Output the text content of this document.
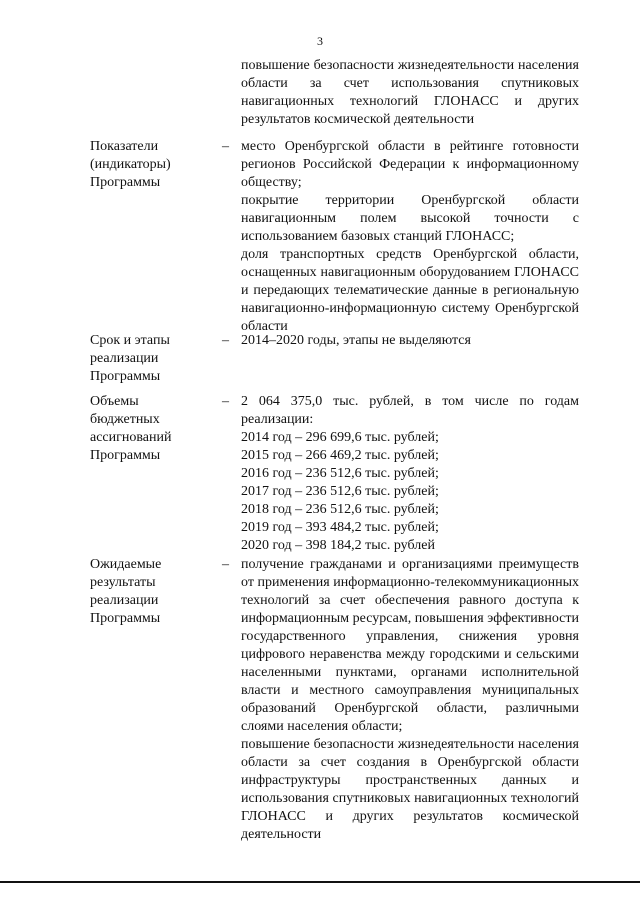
3
повышение безопасности жизнедеятельности населения области за счет использования спутниковых навигационных технологий ГЛОНАСС и других результатов космической деятельности
Показатели
(индикаторы)
Программы
– место Оренбургской области в рейтинге готовности регионов Российской Федерации к информационному обществу;

покрытие территории Оренбургской области навигационным полем высокой точности с использованием базовых станций ГЛОНАСС;

доля транспортных средств Оренбургской области, оснащенных навигационным оборудованием ГЛОНАСС и передающих телематические данные в региональную навигационно-информационную систему Оренбургской области

Срок и этапы
реализации
Программы
– 2014–2020 годы, этапы не выделяются

Объемы
бюджетных
ассигнований
Программы
– 2 064 375,0 тыс. рублей, в том числе по годам реализации:

2014 год – 296 699,6 тыс. рублей;
2015 год – 266 469,2 тыс. рублей;
2016 год – 236 512,6 тыс. рублей;
2017 год – 236 512,6 тыс. рублей;
2018 год – 236 512,6 тыс. рублей;
2019 год – 393 484,2 тыс. рублей;
2020 год – 398 184,2 тыс. рублей
Ожидаемые
результаты
реализации
Программы
– получение гражданами и организациями преимуществ от применения информационно-телекоммуникационных технологий за счет обеспечения равного доступа к информационным ресурсам, повышения эффективности государственного управления, снижения уровня цифрового неравенства между городскими и сельскими населенными пунктами, органами исполнительной власти и местного самоуправления муниципальных образований Оренбургской области, различными слоями населения области;

повышение безопасности жизнедеятельности населения области за счет создания в Оренбургской области инфраструктуры пространственных данных и использования спутниковых навигационных технологий ГЛОНАСС и других результатов космической деятельности
